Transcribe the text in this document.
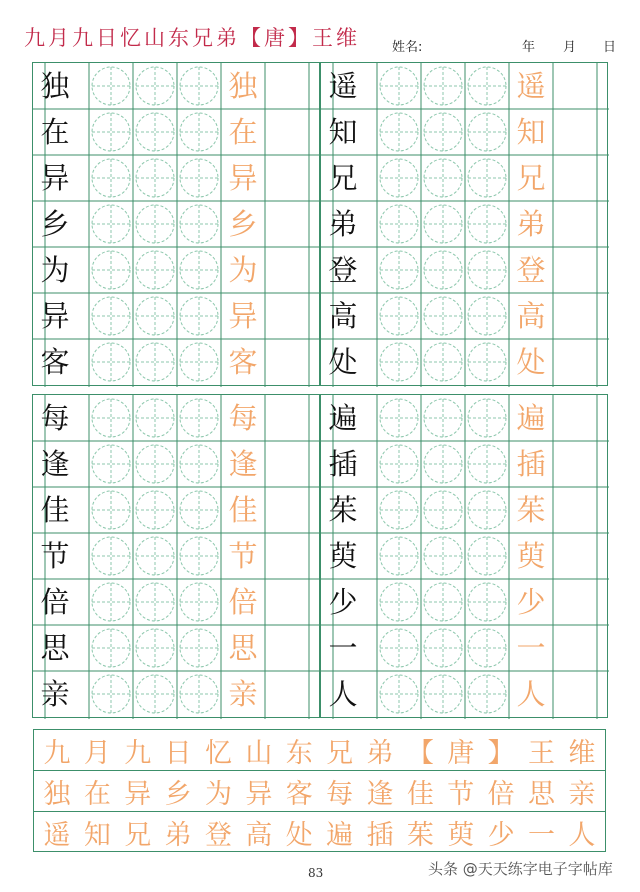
九月九日忆山东兄弟【唐】王维 姓名:	年 月 日
独	独
在	在
异	异
乡	乡
为	为
异	异
客	客
遥	遥
知	知
兄	兄
弟	弟
登	登
高	高
处	处
每	每
逢	逢
佳	佳
节	节
倍	倍
思	思
亲	亲
遍	遍
插	插
茱	茱
萸	萸
少	少
一	一
人	人
九 月 九 日 忆 山 东 兄 弟 【 唐 】 王 维
独 在 异 乡 为 异 客 每 逢 佳 节 倍 思 亲
遥 知 兄 弟 登 高 处 遍 插 茱 萸 少 一 人
83	头条 @天天练字电子字帖库
